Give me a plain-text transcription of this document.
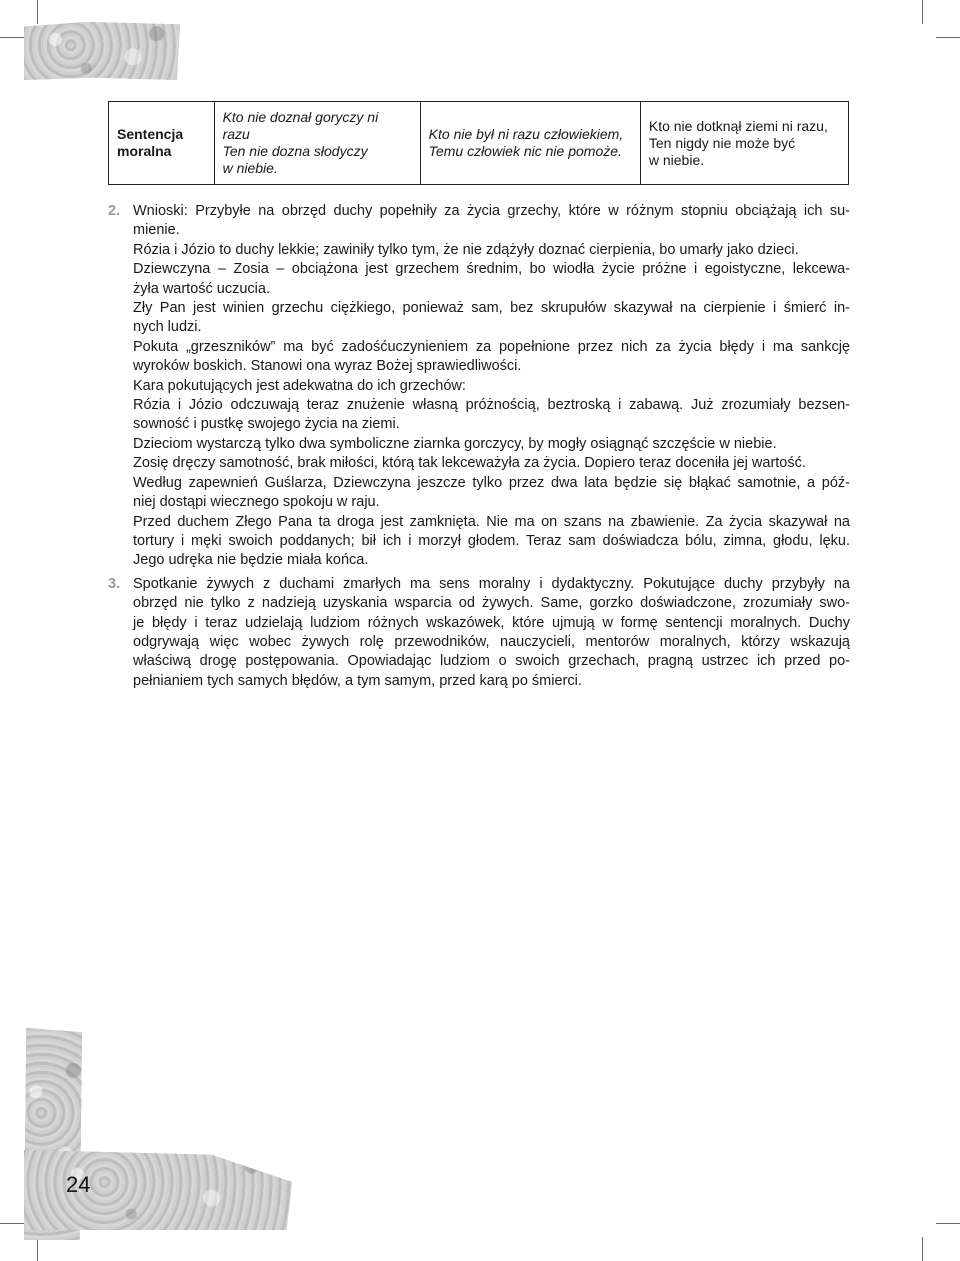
24
Sentencja
moralna

Kto nie doznał goryczy ni
razu
Ten nie dozna słodyczy
w niebie.

Kto nie był ni razu człowiekiem,
Temu człowiek nic nie pomoże.

Kto nie dotknął ziemi ni razu,
Ten nigdy nie może być
w niebie.
2. Wnioski: Przybyłe na obrzęd duchy popełniły za życia grzechy, które w różnym stopniu obciążają ich su-
mienie.
Rózia i Józio to duchy lekkie; zawiniły tylko tym, że nie zdążyły doznać cierpienia, bo umarły jako dzieci.
Dziewczyna – Zosia – obciążona jest grzechem średnim, bo wiodła życie próżne i egoistyczne, lekcewa-
żyła wartość uczucia.
Zły Pan jest winien grzechu ciężkiego, ponieważ sam, bez skrupułów skazywał na cierpienie i śmierć in-
nych ludzi.
Pokuta „grzeszników” ma być zadośćuczynieniem za popełnione przez nich za życia błędy i ma sankcję
wyroków boskich. Stanowi ona wyraz Bożej sprawiedliwości.
Kara pokutujących jest adekwatna do ich grzechów:
Rózia i Józio odczuwają teraz znużenie własną próżnością, beztroską i zabawą. Już zrozumiały bezsen-
sowność i pustkę swojego życia na ziemi.
Dzieciom wystarczą tylko dwa symboliczne ziarnka gorczycy, by mogły osiągnąć szczęście w niebie.
Zosię dręczy samotność, brak miłości, którą tak lekceważyła za życia. Dopiero teraz doceniła jej wartość.
Według zapewnień Guślarza, Dziewczyna jeszcze tylko przez dwa lata będzie się błąkać samotnie, a póź-
niej dostąpi wiecznego spokoju w raju.
Przed duchem Złego Pana ta droga jest zamknięta. Nie ma on szans na zbawienie. Za życia skazywał na
tortury i męki swoich poddanych; bił ich i morzył głodem. Teraz sam doświadcza bólu, zimna, głodu, lęku.
Jego udręka nie będzie miała końca.
3. Spotkanie żywych z duchami zmarłych ma sens moralny i dydaktyczny. Pokutujące duchy przybyły na
obrzęd nie tylko z nadzieją uzyskania wsparcia od żywych. Same, gorzko doświadczone, zrozumiały swo-
je błędy i teraz udzielają ludziom różnych wskazówek, które ujmują w formę sentencji moralnych. Duchy
odgrywają więc wobec żywych rolę przewodników, nauczycieli, mentorów moralnych, którzy wskazują
właściwą drogę postępowania. Opowiadając ludziom o swoich grzechach, pragną ustrzec ich przed po-
pełnianiem tych samych błędów, a tym samym, przed karą po śmierci.
